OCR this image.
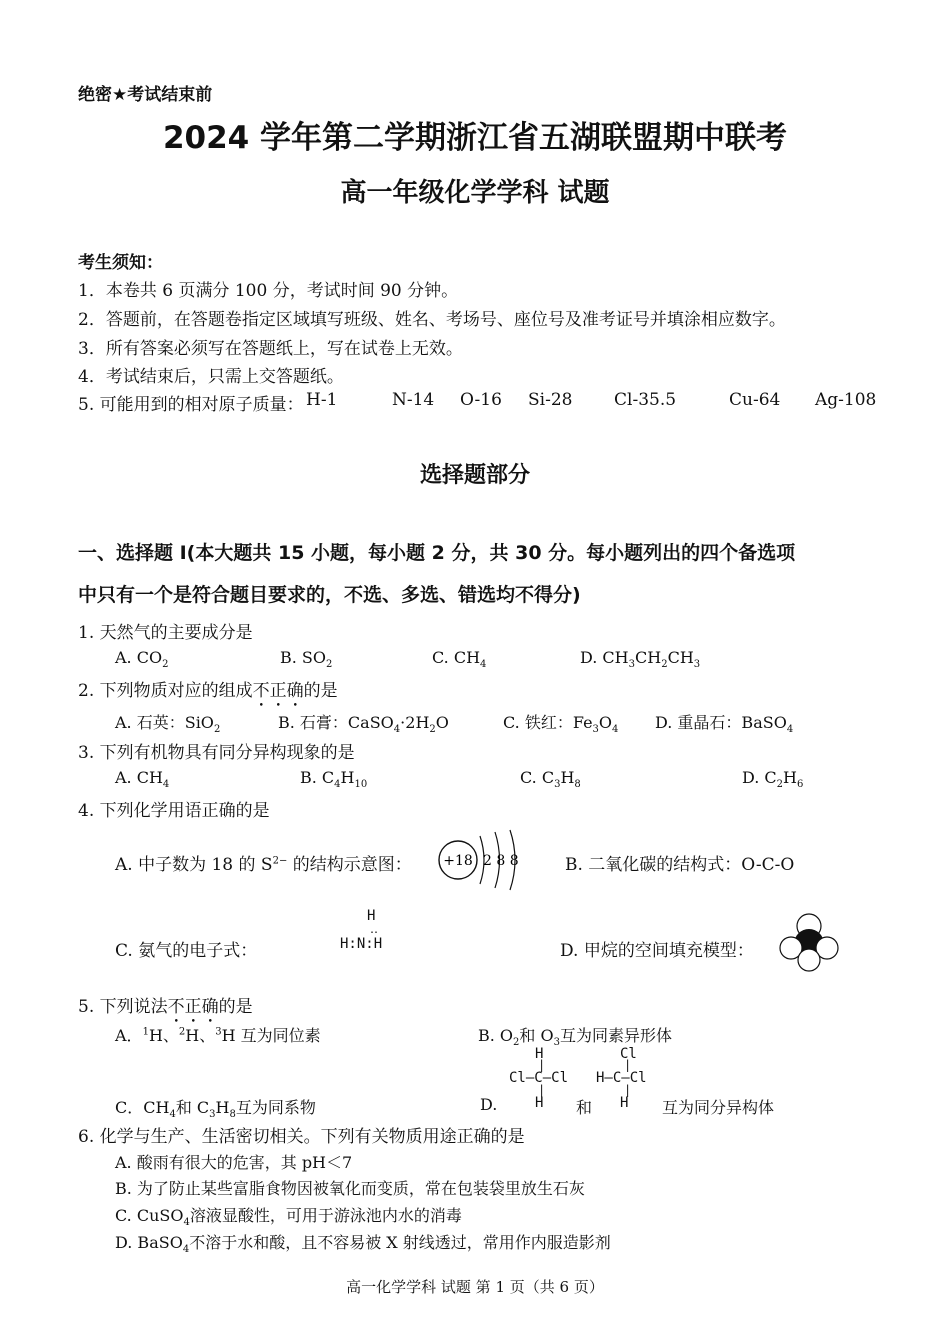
绝密★考试结束前
2024 学年第二学期浙江省五湖联盟期中联考
高一年级化学学科 试题
考生须知：
1．本卷共 6 页满分 100 分，考试时间 90 分钟。
2．答题前，在答题卷指定区域填写班级、姓名、考场号、座位号及准考证号并填涂相应数字。
3．所有答案必须写在答题纸上，写在试卷上无效。
4．考试结束后，只需上交答题纸。
5. 可能用到的相对原子质量： H-1	N-14 O-16 Si-28 Cl-35.5	Cu-64 Ag-108
选择题部分
一、选择题 I(本大题共 15 小题，每小题 2 分，共 30 分。每小题列出的四个备选项
中只有一个是符合题目要求的，不选、多选、错选均不得分)
1. 天然气的主要成分是
A. $CO_2$	B. $SO_2$	C. $CH_4$	D. $CH_3CH_2CH_3$
2. 下列物质对应的组成不正确的是
A. 石英：SiO$_2$	B. 石膏：$CaSO_4\cdot 2H_2O$	C. 铁红：$Fe_3O_4$ D. 重晶石：BaSO$_4$
3. 下列有机物具有同分异构现象的是
A. $CH_4$	B. $C_4H_{10}$	C. $C_3H_8$	D. $C_2H_6$
4. 下列化学用语正确的是
A. 中子数为 18 的 $S^{2-}$ 的结构示意图： +18 2 8 8	B. 二氧化碳的结构式：O-C-O
C. 氨气的电子式：
H
‥
H:N:H	D. 甲烷的空间填充模型：
5. 下列说法不正确的是
A．$^1$H、$^2$H、$^3$H 互为同位素	B. $O_2$和 $O_3$互为同素异形体
C．$CH_4$和 $C_3H_8$互为同系物	D.
H
|
Cl—C—Cl
|
H 和
Cl
|
H—C—Cl
|
H 互为同分异构体
6. 化学与生产、生活密切相关。下列有关物质用途正确的是
A. 酸雨有很大的危害，其 pH＜7
B. 为了防止某些富脂食物因被氧化而变质，常在包装袋里放生石灰
C. CuSO$_4$溶液显酸性，可用于游泳池内水的消毒
D. BaSO$_4$不溶于水和酸，且不容易被 X 射线透过，常用作内服造影剂
高一化学学科 试题 第 1 页（共 6 页）
